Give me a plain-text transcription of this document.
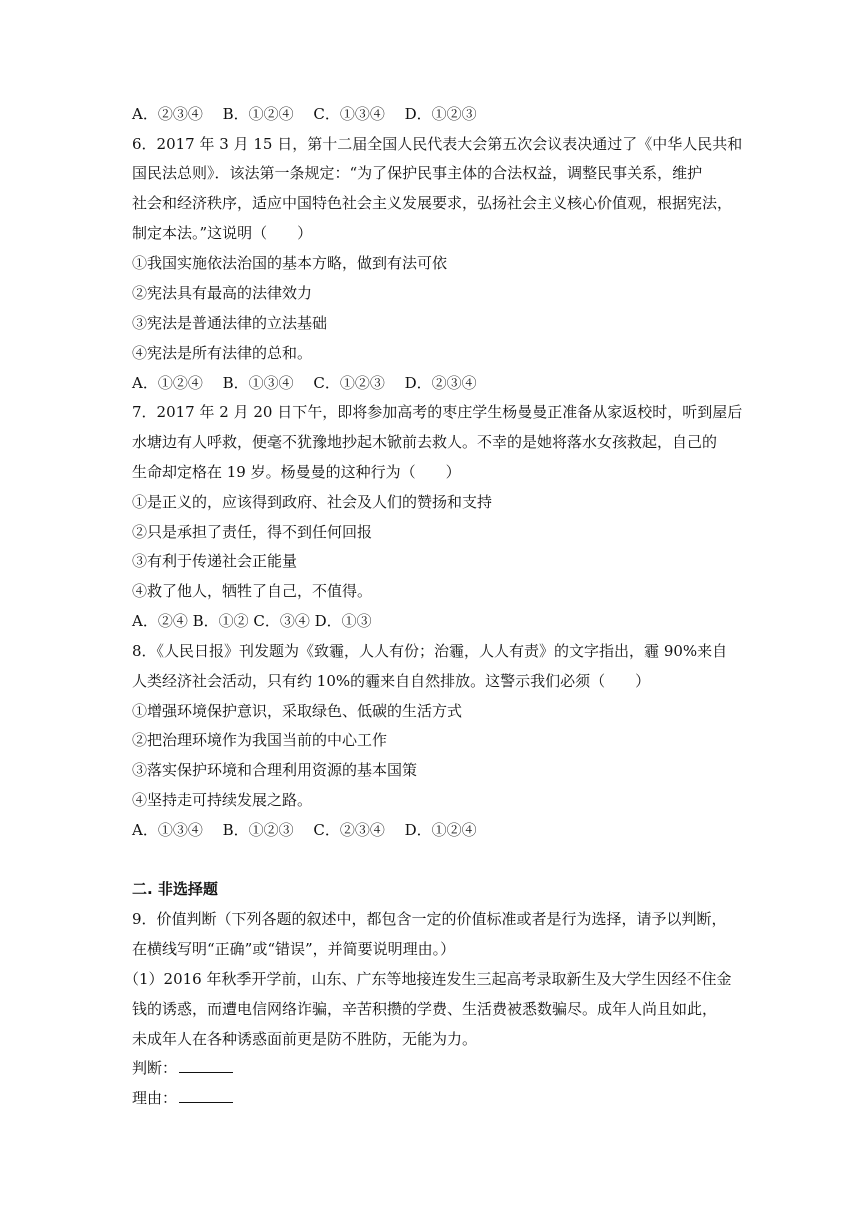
A．②③④　 B．①②④　 C．①③④　 D．①②③
6．2017 年 3 月 15 日，第十二届全国人民代表大会第五次会议表决通过了《中华人民共和
国民法总则》．该法第一条规定：“为了保护民事主体的合法权益，调整民事关系，维护
社会和经济秩序，适应中国特色社会主义发展要求，弘扬社会主义核心价值观，根据宪法，
制定本法。”这说明（　　）
①我国实施依法治国的基本方略，做到有法可依
②宪法具有最高的法律效力
③宪法是普通法律的立法基础
④宪法是所有法律的总和。
A．①②④　 B．①③④　 C．①②③　 D．②③④
7．2017 年 2 月 20 日下午，即将参加高考的枣庄学生杨曼曼正准备从家返校时，听到屋后
水塘边有人呼救，便毫不犹豫地抄起木锨前去救人。不幸的是她将落水女孩救起，自己的
生命却定格在 19 岁。杨曼曼的这种行为（　　）
①是正义的，应该得到政府、社会及人们的赞扬和支持
②只是承担了责任，得不到任何回报
③有利于传递社会正能量
④救了他人，牺牲了自己，不值得。
A．②④ B．①② C．③④ D．①③
8．《人民日报》刊发题为《致霾，人人有份；治霾，人人有责》的文字指出，霾 90%来自
人类经济社会活动，只有约 10%的霾来自自然排放。这警示我们必须（　　）
①增强环境保护意识，采取绿色、低碳的生活方式
②把治理环境作为我国当前的中心工作
③落实保护环境和合理利用资源的基本国策
④坚持走可持续发展之路。
A．①③④　 B．①②③　 C．②③④　 D．①②④
二. 非选择题
9．价值判断（下列各题的叙述中，都包含一定的价值标准或者是行为选择，请予以判断，
在横线写明“正确”或“错误”，并简要说明理由。）
（1）2016 年秋季开学前，山东、广东等地接连发生三起高考录取新生及大学生因经不住金
钱的诱惑，而遭电信网络诈骗，辛苦积攒的学费、生活费被悉数骗尽。成年人尚且如此，
未成年人在各种诱惑面前更是防不胜防，无能为力。
判断：
理由：
